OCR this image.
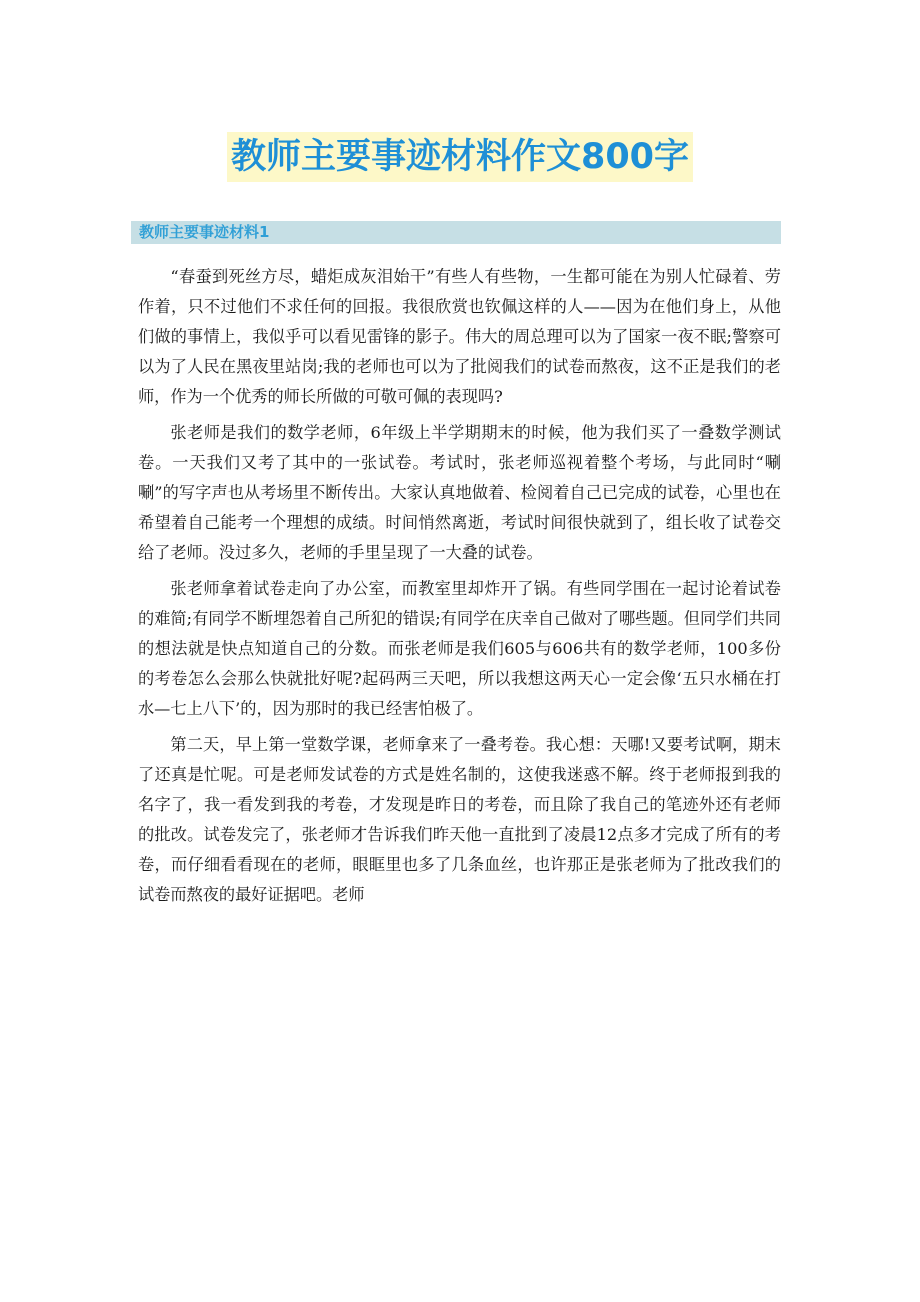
教师主要事迹材料作文800字
教师主要事迹材料1

“春蚕到死丝方尽，蜡炬成灰泪始干”有些人有些物，一生都可能在为别人忙碌着、劳作着，只不过他们不求任何的回报。我很欣赏也钦佩这样的人——因为在他们身上，从他们做的事情上，我似乎可以看见雷锋的影子。伟大的周总理可以为了国家一夜不眠;警察可以为了人民在黑夜里站岗;我的老师也可以为了批阅我们的试卷而熬夜，这不正是我们的老师，作为一个优秀的师长所做的可敬可佩的表现吗?

张老师是我们的数学老师，6年级上半学期期末的时候，他为我们买了一叠数学测试卷。一天我们又考了其中的一张试卷。考试时，张老师巡视着整个考场，与此同时“唰唰”的写字声也从考场里不断传出。大家认真地做着、检阅着自己已完成的试卷，心里也在希望着自己能考一个理想的成绩。时间悄然离逝，考试时间很快就到了，组长收了试卷交给了老师。没过多久，老师的手里呈现了一大叠的试卷。

张老师拿着试卷走向了办公室，而教室里却炸开了锅。有些同学围在一起讨论着试卷的难简;有同学不断埋怨着自己所犯的错误;有同学在庆幸自己做对了哪些题。但同学们共同的想法就是快点知道自己的分数。而张老师是我们605与606共有的数学老师，100多份的考卷怎么会那么快就批好呢?起码两三天吧，所以我想这两天心一定会像‘五只水桶在打水—七上八下’的，因为那时的我已经害怕极了。

第二天，早上第一堂数学课，老师拿来了一叠考卷。我心想：天哪!又要考试啊，期末了还真是忙呢。可是老师发试卷的方式是姓名制的，这使我迷惑不解。终于老师报到我的名字了，我一看发到我的考卷，才发现是昨日的考卷，而且除了我自己的笔迹外还有老师的批改。试卷发完了，张老师才告诉我们昨天他一直批到了凌晨12点多才完成了所有的考卷，而仔细看看现在的老师，眼眶里也多了几条血丝，也许那正是张老师为了批改我们的试卷而熬夜的最好证据吧。老师
